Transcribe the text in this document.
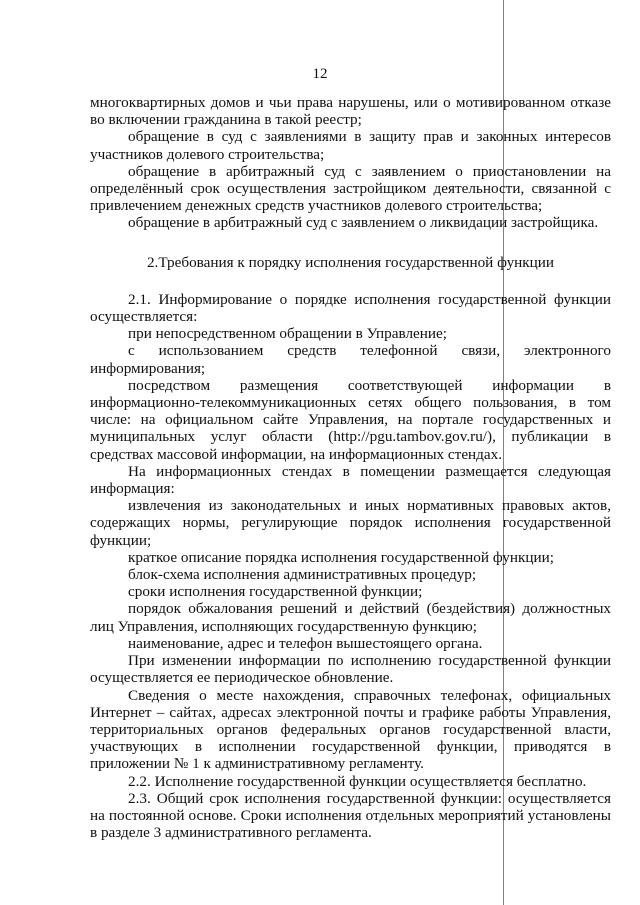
12

многоквартирных домов и чьи права нарушены, или о мотивированном отказе во включении гражданина в такой реестр;

обращение в суд с заявлениями в защиту прав и законных интересов участников долевого строительства;

обращение в арбитражный суд с заявлением о приостановлении на определённый срок осуществления застройщиком деятельности, связанной с привлечением денежных средств участников долевого строительства;

обращение в арбитражный суд с заявлением о ликвидации застройщика.

2.Требования к порядку исполнения государственной функции

2.1. Информирование о порядке исполнения государственной функции осуществляется:

при непосредственном обращении в Управление;

с использованием средств телефонной связи, электронного информирования;

посредством размещения соответствующей информации в информационно-телекоммуникационных сетях общего пользования, в том числе: на официальном сайте Управления, на портале государственных и муниципальных услуг области (http://pgu.tambov.gov.ru/), публикации в средствах массовой информации, на информационных стендах.

На информационных стендах в помещении размещается следующая информация:

извлечения из законодательных и иных нормативных правовых актов, содержащих нормы, регулирующие порядок исполнения государственной функции;

краткое описание порядка исполнения государственной функции;

блок-схема исполнения административных процедур;

сроки исполнения государственной функции;

порядок обжалования решений и действий (бездействия) должностных лиц Управления, исполняющих государственную функцию;

наименование, адрес и телефон вышестоящего органа.

При изменении информации по исполнению государственной функции осуществляется ее периодическое обновление.

Сведения о месте нахождения, справочных телефонах, официальных Интернет – сайтах, адресах электронной почты и графике работы Управления, территориальных органов федеральных органов государственной власти, участвующих в исполнении государственной функции, приводятся в приложении № 1 к административному регламенту.

2.2. Исполнение государственной функции осуществляется бесплатно.

2.3. Общий срок исполнения государственной функции: осуществляется на постоянной основе. Сроки исполнения отдельных мероприятий установлены в разделе 3 административного регламента.
